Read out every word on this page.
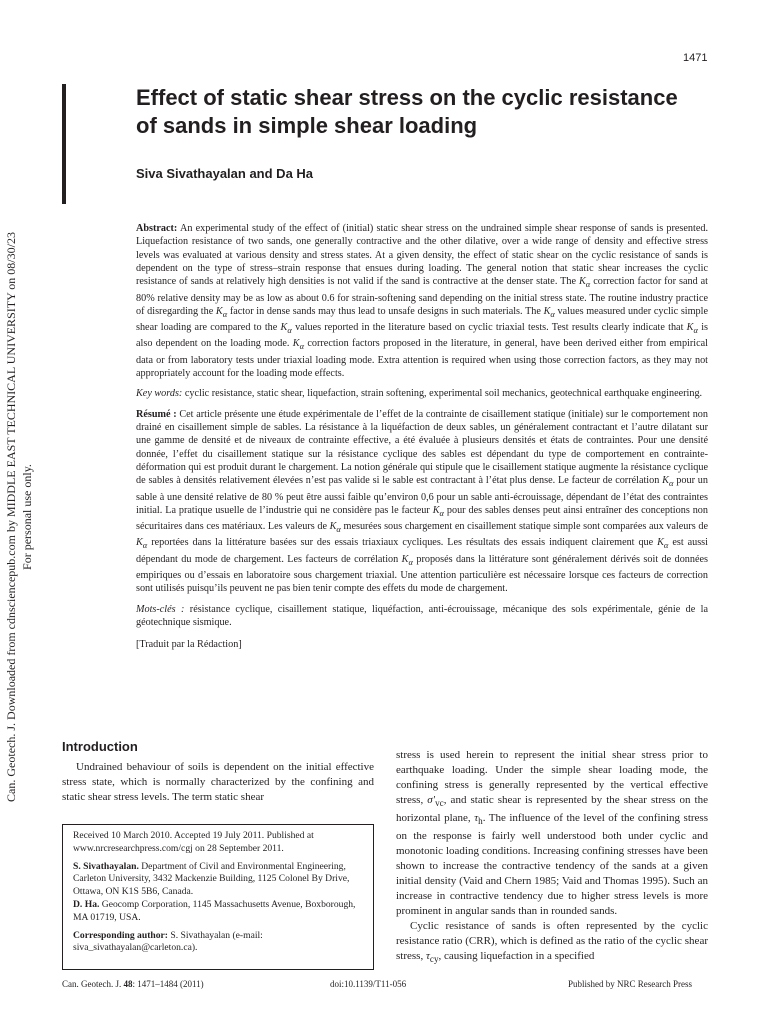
1471
Can. Geotech. J. Downloaded from cdnsciencepub.com by MIDDLE EAST TECHNICAL UNIVERSITY on 08/30/23 For personal use only.
Effect of static shear stress on the cyclic resistance of sands in simple shear loading
Siva Sivathayalan and Da Ha

Abstract: An experimental study of the effect of (initial) static shear stress on the undrained simple shear response of sands is presented. Liquefaction resistance of two sands, one generally contractive and the other dilative, over a wide range of density and effective stress levels was evaluated at various density and stress states. At a given density, the effect of static shear on the cyclic resistance of sands is dependent on the type of stress–strain response that ensues during loading. The general notion that static shear increases the cyclic resistance of sands at relatively high densities is not valid if the sand is contractive at the denser state. The $K_\alpha$ correction factor for sand at 80% relative density may be as low as about 0.6 for strain-softening sand depending on the initial stress state. The routine industry practice of disregarding the $K_\alpha$ factor in dense sands may thus lead to unsafe designs in such materials. The $K_\alpha$ values measured under cyclic simple shear loading are compared to the $K_\alpha$ values reported in the literature based on cyclic triaxial tests. Test results clearly indicate that $K_\alpha$ is also dependent on the loading mode. $K_\alpha$ correction factors proposed in the literature, in general, have been derived either from empirical data or from laboratory tests under triaxial loading mode. Extra attention is required when using those correction factors, as they may not appropriately account for the loading mode effects.

Key words: cyclic resistance, static shear, liquefaction, strain softening, experimental soil mechanics, geotechnical earthquake engineering.

Résumé : Cet article présente une étude expérimentale de l’effet de la contrainte de cisaillement statique (initiale) sur le comportement non drainé en cisaillement simple de sables. La résistance à la liquéfaction de deux sables, un généralement contractant et l’autre dilatant sur une gamme de densité et de niveaux de contrainte effective, a été évaluée à plusieurs densités et états de contraintes. Pour une densité donnée, l’effet du cisaillement statique sur la résistance cyclique des sables est dépendant du type de comportement en contrainte-déformation qui est produit durant le chargement. La notion générale qui stipule que le cisaillement statique augmente la résistance cyclique de sables à densités relativement élevées n’est pas valide si le sable est contractant à l’état plus dense. Le facteur de corrélation $K_\alpha$ pour un sable à une densité relative de 80 % peut être aussi faible qu’environ 0,6 pour un sable anti-écrouissage, dépendant de l’état des contraintes initial. La pratique usuelle de l’industrie qui ne considère pas le facteur $K_\alpha$ pour des sables denses peut ainsi entraîner des conceptions non sécuritaires dans ces matériaux. Les valeurs de $K_\alpha$ mesurées sous chargement en cisaillement statique simple sont comparées aux valeurs de $K_\alpha$ reportées dans la littérature basées sur des essais triaxiaux cycliques. Les résultats des essais indiquent clairement que $K_\alpha$ est aussi dépendant du mode de chargement. Les facteurs de corrélation $K_\alpha$ proposés dans la littérature sont généralement dérivés soit de données empiriques ou d’essais en laboratoire sous chargement triaxial. Une attention particulière est nécessaire lorsque ces facteurs de correction sont utilisés puisqu’ils peuvent ne pas bien tenir compte des effets du mode de chargement.

Mots-clés : résistance cyclique, cisaillement statique, liquéfaction, anti-écrouissage, mécanique des sols expérimentale, génie de la géotechnique sismique.

[Traduit par la Rédaction]

Introduction

Undrained behaviour of soils is dependent on the initial effective stress state, which is normally characterized by the confining and static shear stress levels. The term static shear

Received 10 March 2010. Accepted 19 July 2011. Published at www.nrcresearchpress.com/cgj on 28 September 2011.

S. Sivathayalan. Department of Civil and Environmental Engineering, Carleton University, 3432 Mackenzie Building, 1125 Colonel By Drive, Ottawa, ON K1S 5B6, Canada.
D. Ha. Geocomp Corporation, 1145 Massachusetts Avenue, Boxborough, MA 01719, USA.

Corresponding author: S. Sivathayalan (e-mail: siva_sivathayalan@carleton.ca).

stress is used herein to represent the initial shear stress prior to earthquake loading. Under the simple shear loading mode, the confining stress is generally represented by the vertical effective stress, $\sigma'_{vc}$, and static shear is represented by the shear stress on the horizontal plane, $\tau_h$. The influence of the level of the confining stress on the response is fairly well understood both under cyclic and monotonic loading conditions. Increasing confining stresses have been shown to increase the contractive tendency of the sands at a given initial density (Vaid and Chern 1985; Vaid and Thomas 1995). Such an increase in contractive tendency due to higher stress levels is more prominent in angular sands than in rounded sands.

Cyclic resistance of sands is often represented by the cyclic resistance ratio (CRR), which is defined as the ratio of the cyclic shear stress, $\tau_{cy}$, causing liquefaction in a specified

Can. Geotech. J. 48: 1471–1484 (2011)	doi:10.1139/T11-056	Published by NRC Research Press
